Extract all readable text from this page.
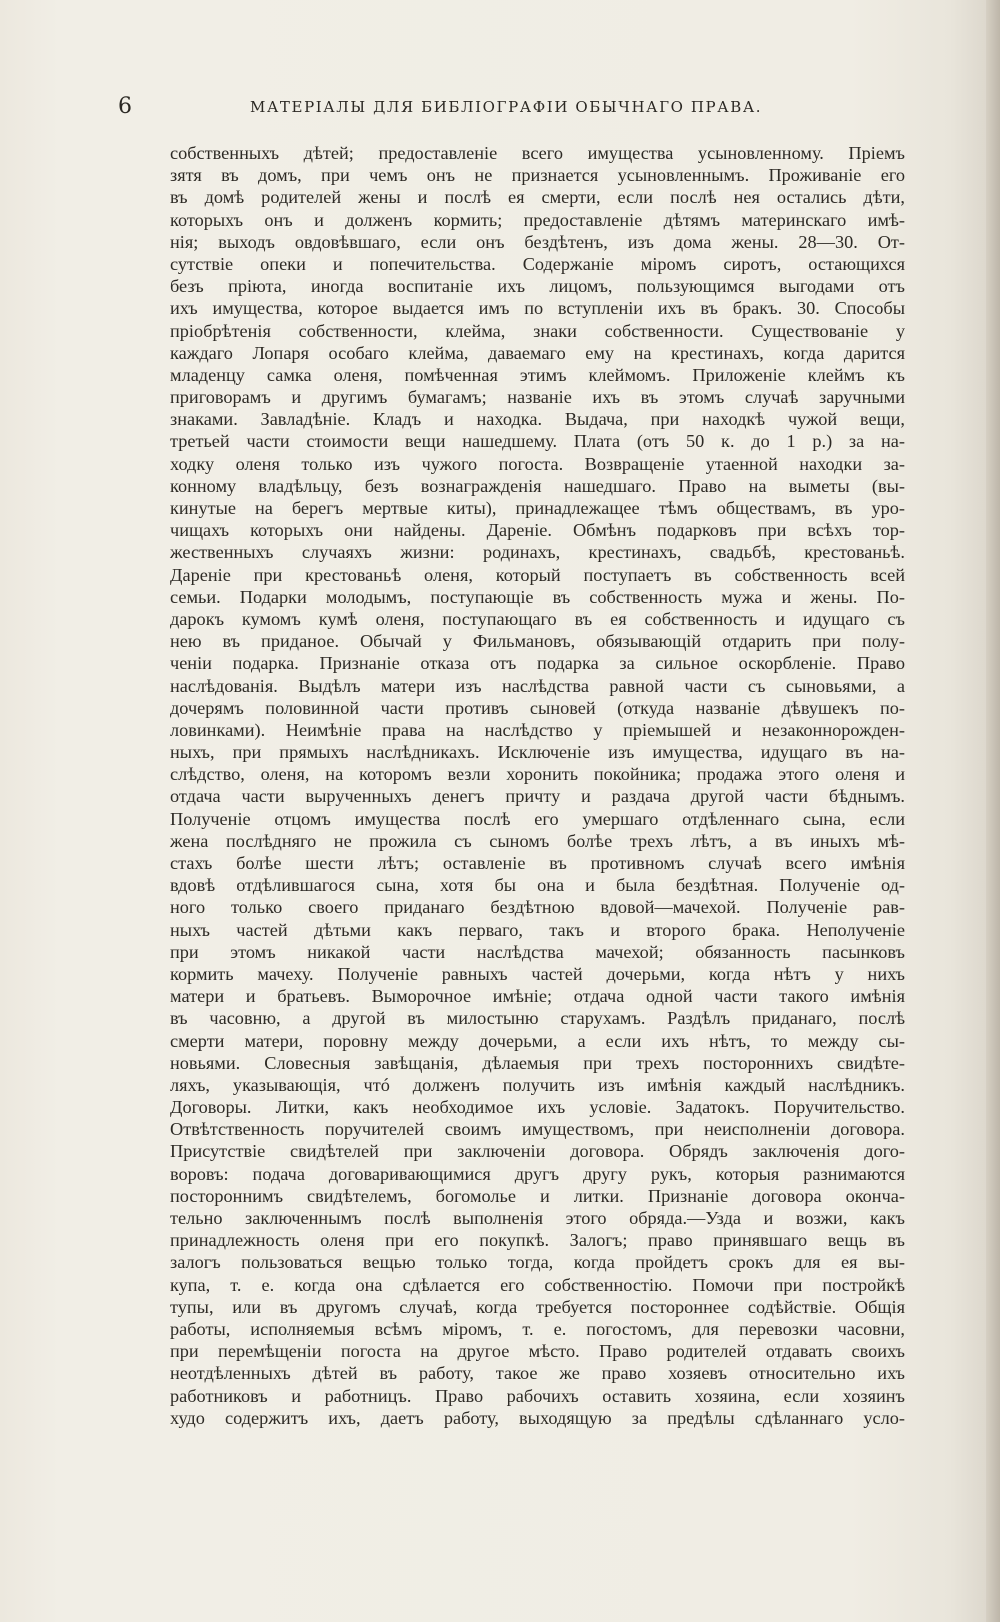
6	МАТЕРІАЛЫ ДЛЯ БИБЛІОГРАФІИ ОБЫЧНАГО ПРАВА.
собственныхъ дѣтей; предоставленіе всего имущества усыновленному. Пріемъ
зятя въ домъ, при чемъ онъ не признается усыновленнымъ. Проживаніе его
въ домѣ родителей жены и послѣ ея смерти, если послѣ нея остались дѣти,
которыхъ онъ и долженъ кормить; предоставленіе дѣтямъ материнскаго имѣ-
нія; выходъ овдовѣвшаго, если онъ бездѣтенъ, изъ дома жены. 28—30. От-
сутствіе опеки и попечительства. Содержаніе міромъ сиротъ, остающихся
безъ пріюта, иногда воспитаніе ихъ лицомъ, пользующимся выгодами отъ
ихъ имущества, которое выдается имъ по вступленіи ихъ въ бракъ. 30. Способы
пріобрѣтенія собственности, клейма, знаки собственности. Существованіе у
каждаго Лопаря особаго клейма, даваемаго ему на крестинахъ, когда дарится
младенцу самка оленя, помѣченная этимъ клеймомъ. Приложеніе клеймъ къ
приговорамъ и другимъ бумагамъ; названіе ихъ въ этомъ случаѣ заручными
знаками. Завладѣніе. Кладъ и находка. Выдача, при находкѣ чужой вещи,
третьей части стоимости вещи нашедшему. Плата (отъ 50 к. до 1 р.) за на-
ходку оленя только изъ чужого погоста. Возвращеніе утаенной находки за-
конному владѣльцу, безъ вознагражденія нашедшаго. Право на выметы (вы-
кинутые на берегъ мертвые киты), принадлежащее тѣмъ обществамъ, въ уро-
чищахъ которыхъ они найдены. Дареніе. Обмѣнъ подарковъ при всѣхъ тор-
жественныхъ случаяхъ жизни: родинахъ, крестинахъ, свадьбѣ, крестованьѣ.
Дареніе при крестованьѣ оленя, который поступаетъ въ собственность всей
семьи. Подарки молодымъ, поступающіе въ собственность мужа и жены. По-
дарокъ кумомъ кумѣ оленя, поступающаго въ ея собственность и идущаго съ
нею въ приданое. Обычай у Фильмановъ, обязывающій отдарить при полу-
ченіи подарка. Признаніе отказа отъ подарка за сильное оскорбленіе. Право
наслѣдованія. Выдѣлъ матери изъ наслѣдства равной части съ сыновьями, а
дочерямъ половинной части противъ сыновей (откуда названіе дѣвушекъ по-
ловинками). Неимѣніе права на наслѣдство у пріемышей и незаконнорожден-
ныхъ, при прямыхъ наслѣдникахъ. Исключеніе изъ имущества, идущаго въ на-
слѣдство, оленя, на которомъ везли хоронить покойника; продажа этого оленя и
отдача части вырученныхъ денегъ причту и раздача другой части бѣднымъ.
Полученіе отцомъ имущества послѣ его умершаго отдѣленнаго сына, если
жена послѣдняго не прожила съ сыномъ болѣе трехъ лѣтъ, а въ иныхъ мѣ-
стахъ болѣе шести лѣтъ; оставленіе въ противномъ случаѣ всего имѣнія
вдовѣ отдѣлившагося сына, хотя бы она и была бездѣтная. Полученіе од-
ного только своего приданаго бездѣтною вдовой—мачехой. Полученіе рав-
ныхъ частей дѣтьми какъ перваго, такъ и второго брака. Неполученіе
при этомъ никакой части наслѣдства мачехой; обязанность пасынковъ
кормить мачеху. Полученіе равныхъ частей дочерьми, когда нѣтъ у нихъ
матери и братьевъ. Выморочное имѣніе; отдача одной части такого имѣнія
въ часовню, а другой въ милостыню старухамъ. Раздѣлъ приданаго, послѣ
смерти матери, поровну между дочерьми, а если ихъ нѣтъ, то между сы-
новьями. Словесныя завѣщанія, дѣлаемыя при трехъ постороннихъ свидѣте-
ляхъ, указывающія, чтó долженъ получить изъ имѣнія каждый наслѣдникъ.
Договоры. Литки, какъ необходимое ихъ условіе. Задатокъ. Поручительство.
Отвѣтственность поручителей своимъ имуществомъ, при неисполненіи договора.
Присутствіе свидѣтелей при заключеніи договора. Обрядъ заключенія дого-
воровъ: подача договаривающимися другъ другу рукъ, которыя разнимаются
постороннимъ свидѣтелемъ, богомолье и литки. Признаніе договора оконча-
тельно заключеннымъ послѣ выполненія этого обряда.—Узда и возжи, какъ
принадлежность оленя при его покупкѣ. Залогъ; право принявшаго вещь въ
залогъ пользоваться вещью только тогда, когда пройдетъ срокъ для ея вы-
купа, т. е. когда она сдѣлается его собственностію. Помочи при постройкѣ
тупы, или въ другомъ случаѣ, когда требуется постороннее содѣйствіе. Общія
работы, исполняемыя всѣмъ міромъ, т. е. погостомъ, для перевозки часовни,
при перемѣщеніи погоста на другое мѣсто. Право родителей отдавать своихъ
неотдѣленныхъ дѣтей въ работу, такое же право хозяевъ относительно ихъ
работниковъ и работницъ. Право рабочихъ оставить хозяина, если хозяинъ
худо содержитъ ихъ, даетъ работу, выходящую за предѣлы сдѣланнаго усло-
